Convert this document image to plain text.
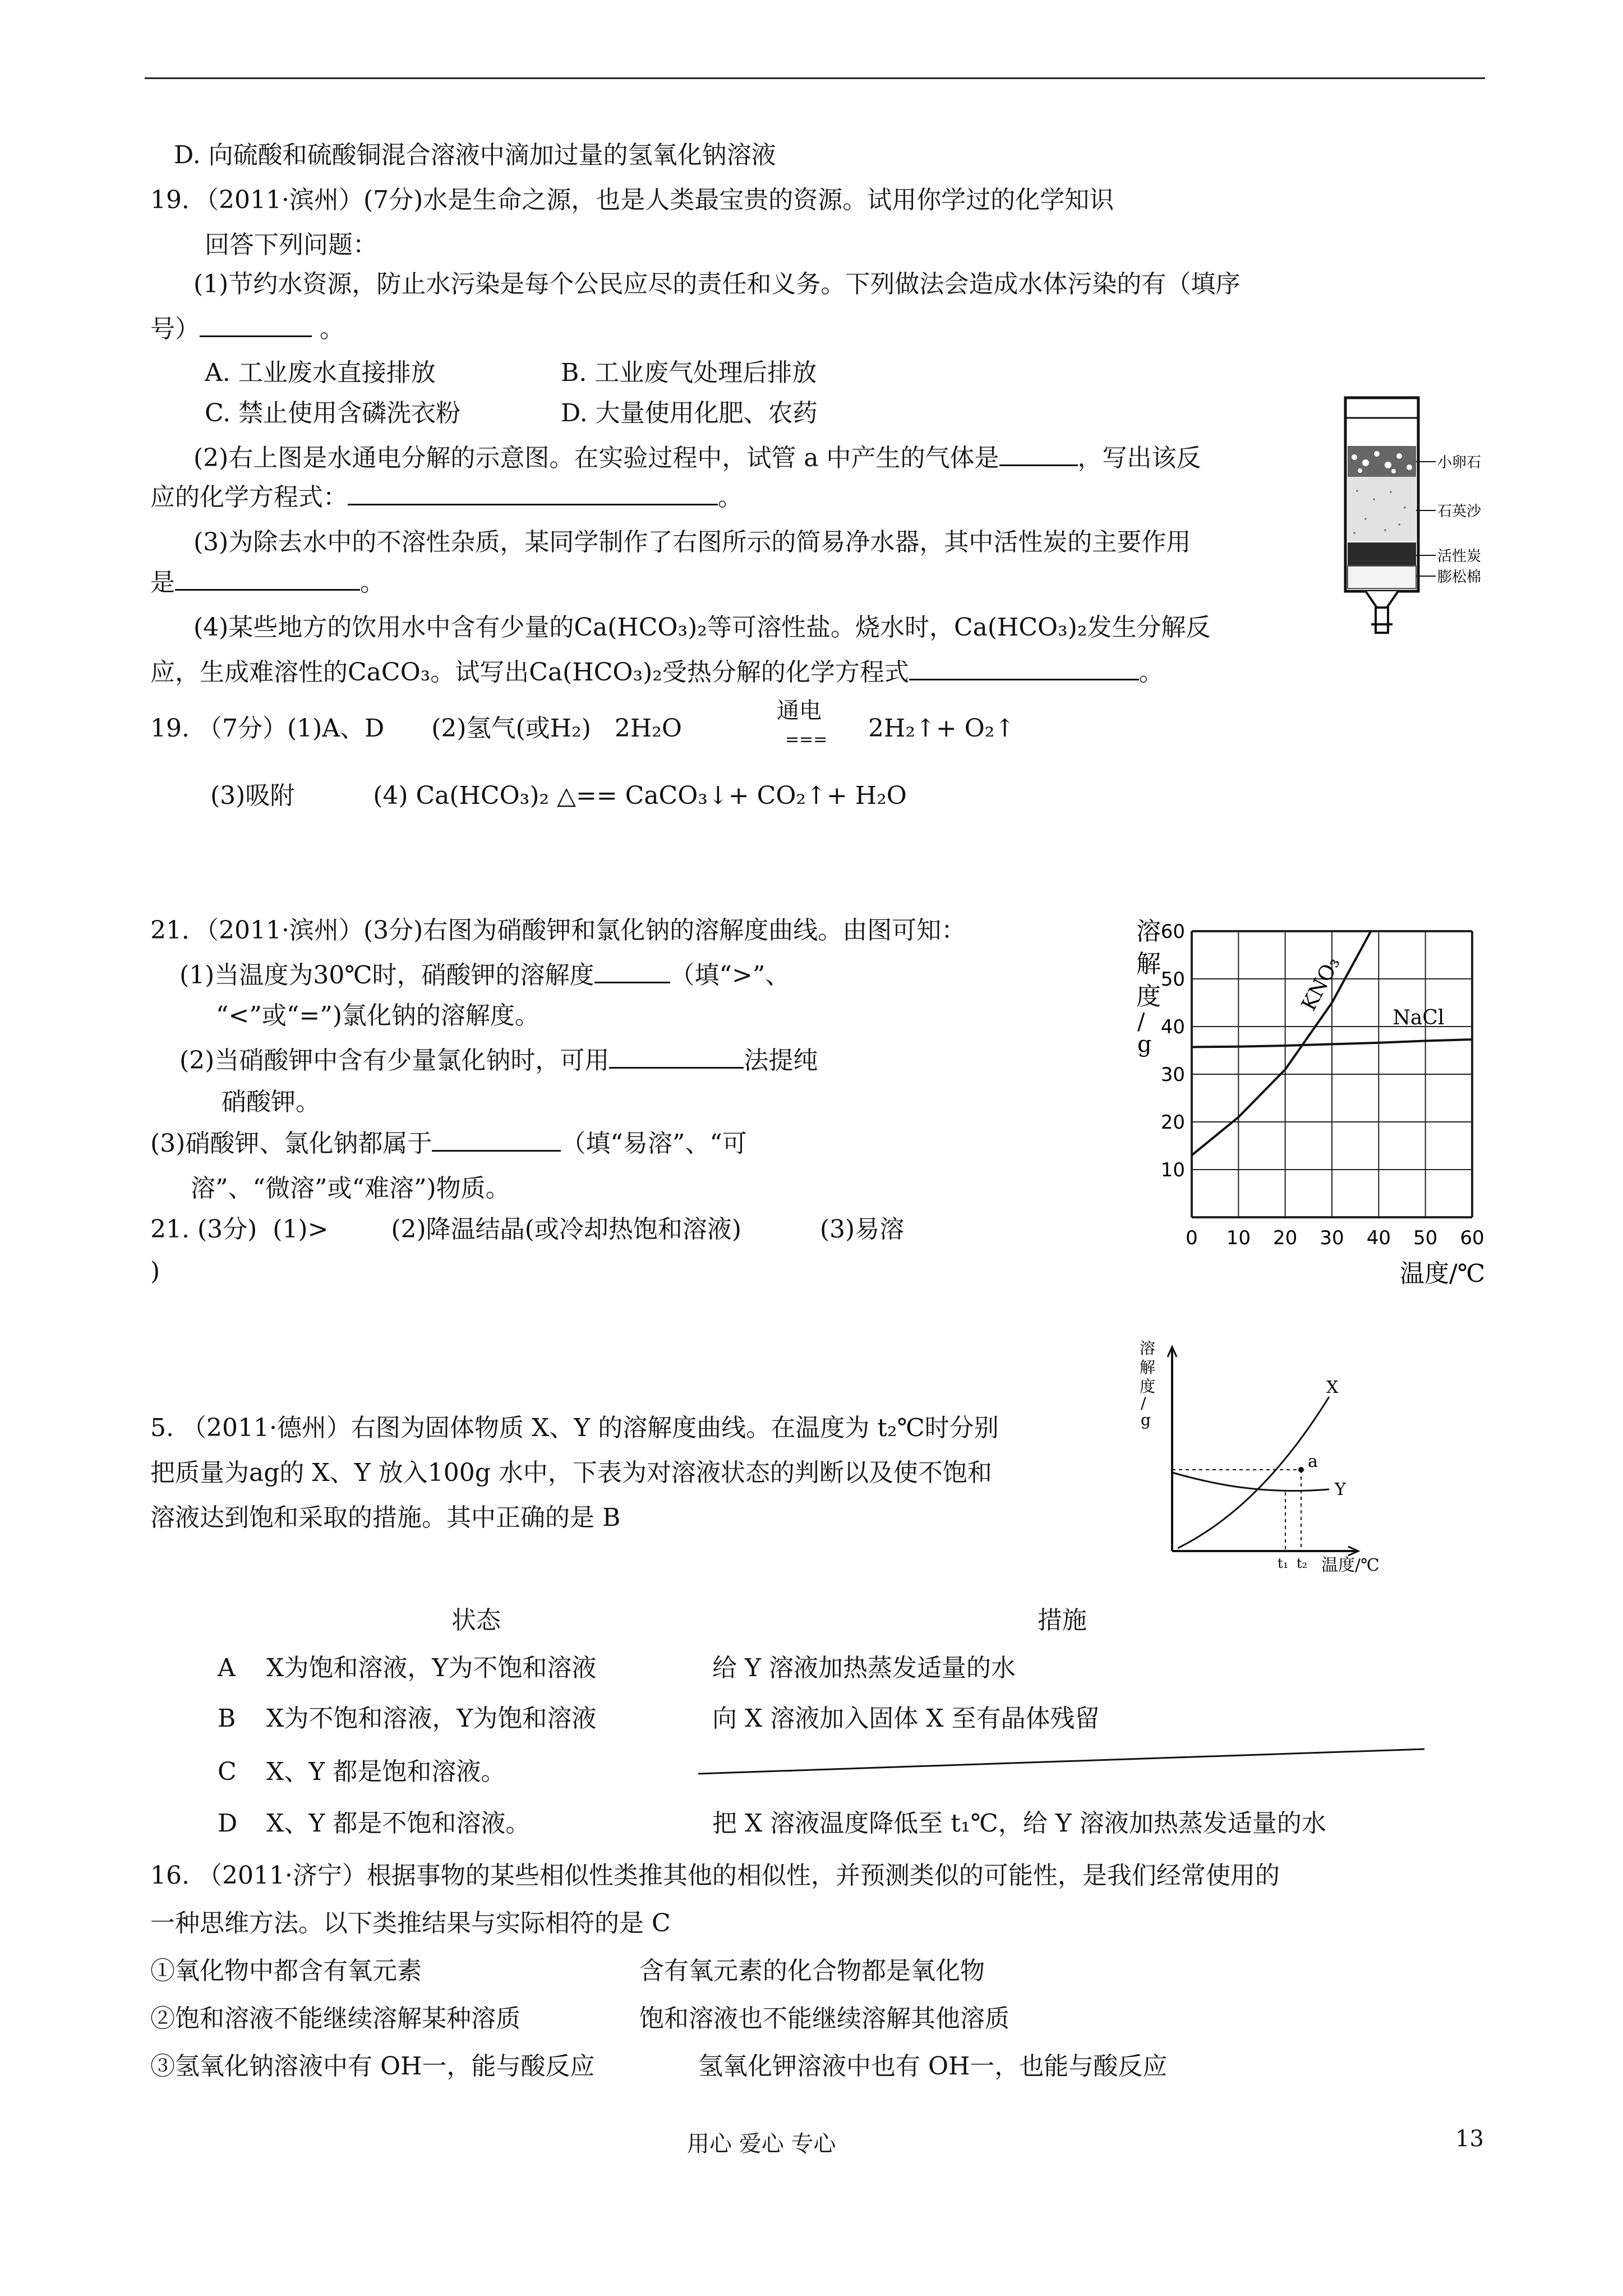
D. 向硫酸和硫酸铜混合溶液中滴加过量的氢氧化钠溶液
19．（2011·滨州）(7分)水是生命之源，也是人类最宝贵的资源。试用你学过的化学知识
回答下列问题：
(1)节约水资源，防止水污染是每个公民应尽的责任和义务。下列做法会造成水体污染的有（填序
号）	。
A. 工业废水直接排放	B. 工业废气处理后排放
C. 禁止使用含磷洗衣粉	D. 大量使用化肥、农药
(2)右上图是水通电分解的示意图。在实验过程中，试管 a 中产生的气体是	，写出该反
应的化学方程式：	。
(3)为除去水中的不溶性杂质，某同学制作了右图所示的简易净水器，其中活性炭的主要作用
是	。
(4)某些地方的饮用水中含有少量的Ca(HCO₃)₂等可溶性盐。烧水时，Ca(HCO₃)₂发生分解反
应，生成难溶性的CaCO₃。试写出Ca(HCO₃)₂受热分解的化学方程式	。
19. （7分）(1)A、D      (2)氢气(或H₂)   2H₂O
通电
=== 2H₂↑+ O₂↑
(3)吸附          (4) Ca(HCO₃)₂ △== CaCO₃↓+ CO₂↑+ H₂O
小卵石
石英沙
活性炭
膨松棉
21．（2011·滨州）(3分)右图为硝酸钾和氯化钠的溶解度曲线。由图可知：
(1)当温度为30℃时，硝酸钾的溶解度	（填“>”、
“<”或“=”)氯化钠的溶解度。
(2)当硝酸钾中含有少量氯化钠时，可用	法提纯
硝酸钾。
(3)硝酸钾、氯化钠都属于	（填“易溶”、“可
溶”、“微溶”或“难溶”)物质。
21. (3分)  (1)>        (2)降温结晶(或冷却热饱和溶液)          (3)易溶
)
溶
解
度
/
g
0 10 20 30 40 50 60
10
20
30
40
50
60
KNO₃
NaCl
温度/℃
5. （2011·德州）右图为固体物质 X、Y 的溶解度曲线。在温度为 t₂℃时分别
把质量为ag的 X、Y 放入100g 水中，下表为对溶液状态的判断以及使不饱和
溶液达到饱和采取的措施。其中正确的是 B
溶
解
度
/
g
a
X
Y
t₁ t₂ 温度/℃
状态	措施
A X为饱和溶液，Y为不饱和溶液	给 Y 溶液加热蒸发适量的水
B X为不饱和溶液，Y为饱和溶液	向 X 溶液加入固体 X 至有晶体残留
C X、Y 都是饱和溶液。
D X、Y 都是不饱和溶液。	把 X 溶液温度降低至 t₁℃，给 Y 溶液加热蒸发适量的水
16. （2011·济宁）根据事物的某些相似性类推其他的相似性，并预测类似的可能性，是我们经常使用的
一种思维方法。以下类推结果与实际相符的是 C
①氧化物中都含有氧元素	含有氧元素的化合物都是氧化物
②饱和溶液不能继续溶解某种溶质	饱和溶液也不能继续溶解其他溶质
③氢氧化钠溶液中有 OH一，能与酸反应	氢氧化钾溶液中也有 OH一，也能与酸反应
用心 爱心 专心	13
